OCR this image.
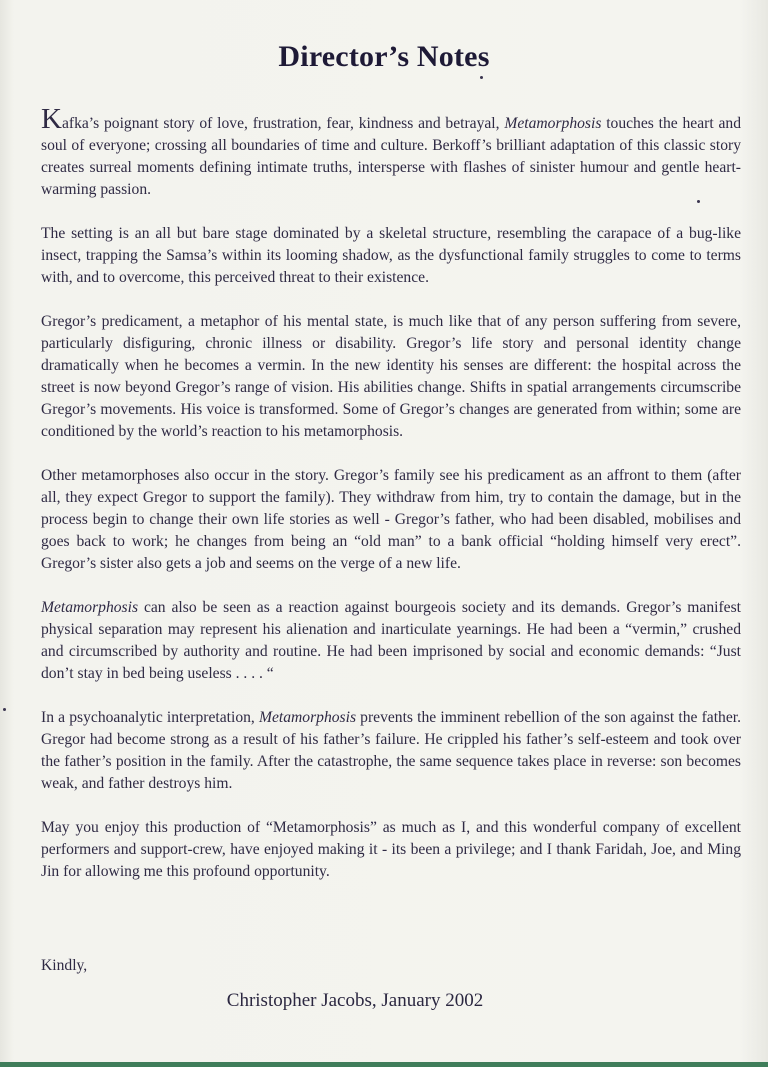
Director’s Notes

Kafka’s poignant story of love, frustration, fear, kindness and betrayal, Metamorphosis touches the heart and soul of everyone; crossing all boundaries of time and culture. Berkoff’s brilliant adaptation of this classic story creates surreal moments defining intimate truths, intersperse with flashes of sinister humour and gentle heart-warming passion.

The setting is an all but bare stage dominated by a skeletal structure, resembling the carapace of a bug-like insect, trapping the Samsa’s within its looming shadow, as the dysfunctional family struggles to come to terms with, and to overcome, this perceived threat to their existence.

Gregor’s predicament, a metaphor of his mental state, is much like that of any person suffering from severe, particularly disfiguring, chronic illness or disability. Gregor’s life story and personal identity change dramatically when he becomes a vermin. In the new identity his senses are different: the hospital across the street is now beyond Gregor’s range of vision. His abilities change. Shifts in spatial arrangements circumscribe Gregor’s movements. His voice is transformed. Some of Gregor’s changes are generated from within; some are conditioned by the world’s reaction to his metamorphosis.

Other metamorphoses also occur in the story. Gregor’s family see his predicament as an affront to them (after all, they expect Gregor to support the family). They withdraw from him, try to contain the damage, but in the process begin to change their own life stories as well - Gregor’s father, who had been disabled, mobilises and goes back to work; he changes from being an “old man” to a bank official “holding himself very erect”. Gregor’s sister also gets a job and seems on the verge of a new life.

Metamorphosis can also be seen as a reaction against bourgeois society and its demands. Gregor’s manifest physical separation may represent his alienation and inarticulate yearnings. He had been a “vermin,” crushed and circumscribed by authority and routine. He had been imprisoned by social and economic demands: “Just don’t stay in bed being useless . . . . “

In a psychoanalytic interpretation, Metamorphosis prevents the imminent rebellion of the son against the father. Gregor had become strong as a result of his father’s failure. He crippled his father’s self-esteem and took over the father’s position in the family. After the catastrophe, the same sequence takes place in reverse: son becomes weak, and father destroys him.

May you enjoy this production of “Metamorphosis” as much as I, and this wonderful company of excellent performers and support-crew, have enjoyed making it - its been a privilege; and I thank Faridah, Joe, and Ming Jin for allowing me this profound opportunity.

Kindly,
Christopher Jacobs, January 2002
